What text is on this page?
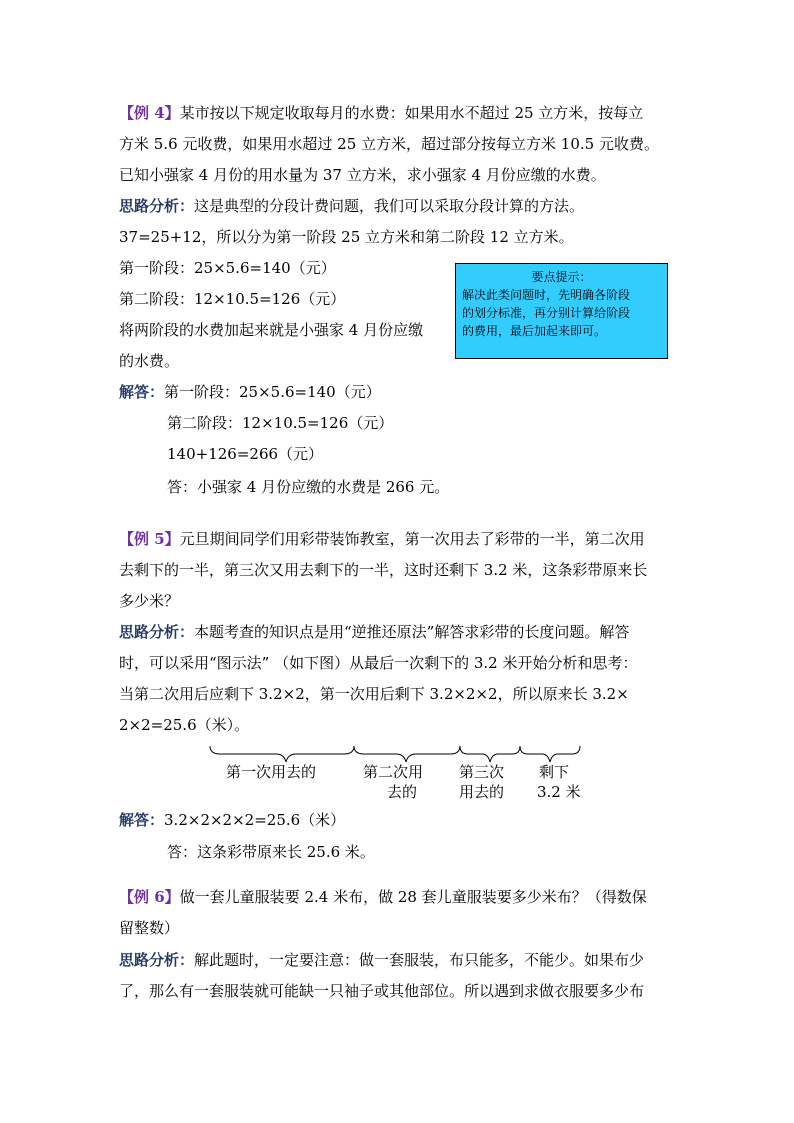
【例 4】某市按以下规定收取每月的水费：如果用水不超过 25 立方米，按每立
方米 5.6 元收费，如果用水超过 25 立方米，超过部分按每立方米 10.5 元收费。
已知小强家 4 月份的用水量为 37 立方米，求小强家 4 月份应缴的水费。
思路分析：这是典型的分段计费问题，我们可以采取分段计算的方法。
37=25+12，所以分为第一阶段 25 立方米和第二阶段 12 立方米。
第一阶段：25×5.6=140（元）
第二阶段：12×10.5=126（元）
将两阶段的水费加起来就是小强家 4 月份应缴
的水费。
要点提示：
解决此类问题时，先明确各阶段
的划分标准，再分别计算给阶段
的费用，最后加起来即可。
解答：第一阶段：25×5.6=140（元）
第二阶段：12×10.5=126（元）
140+126=266（元）
答：小强家 4 月份应缴的水费是 266 元。
【例 5】元旦期间同学们用彩带装饰教室，第一次用去了彩带的一半，第二次用
去剩下的一半，第三次又用去剩下的一半，这时还剩下 3.2 米，这条彩带原来长
多少米？
思路分析：本题考查的知识点是用“逆推还原法”解答求彩带的长度问题。解答
时，可以采用“图示法” （如下图）从最后一次剩下的 3.2 米开始分析和思考：
当第二次用后应剩下 3.2×2，第一次用后剩下 3.2×2×2，所以原来长 3.2×
2×2=25.6（米）。
第一次用去的	第二次用
去的
第三次
用去的
剩下
3.2 米
解答：3.2×2×2×2=25.6（米）
答：这条彩带原来长 25.6 米。
【例 6】做一套儿童服装要 2.4 米布，做 28 套儿童服装要多少米布？（得数保
留整数）
思路分析：解此题时，一定要注意：做一套服装，布只能多，不能少。如果布少
了，那么有一套服装就可能缺一只袖子或其他部位。所以遇到求做衣服要多少布
